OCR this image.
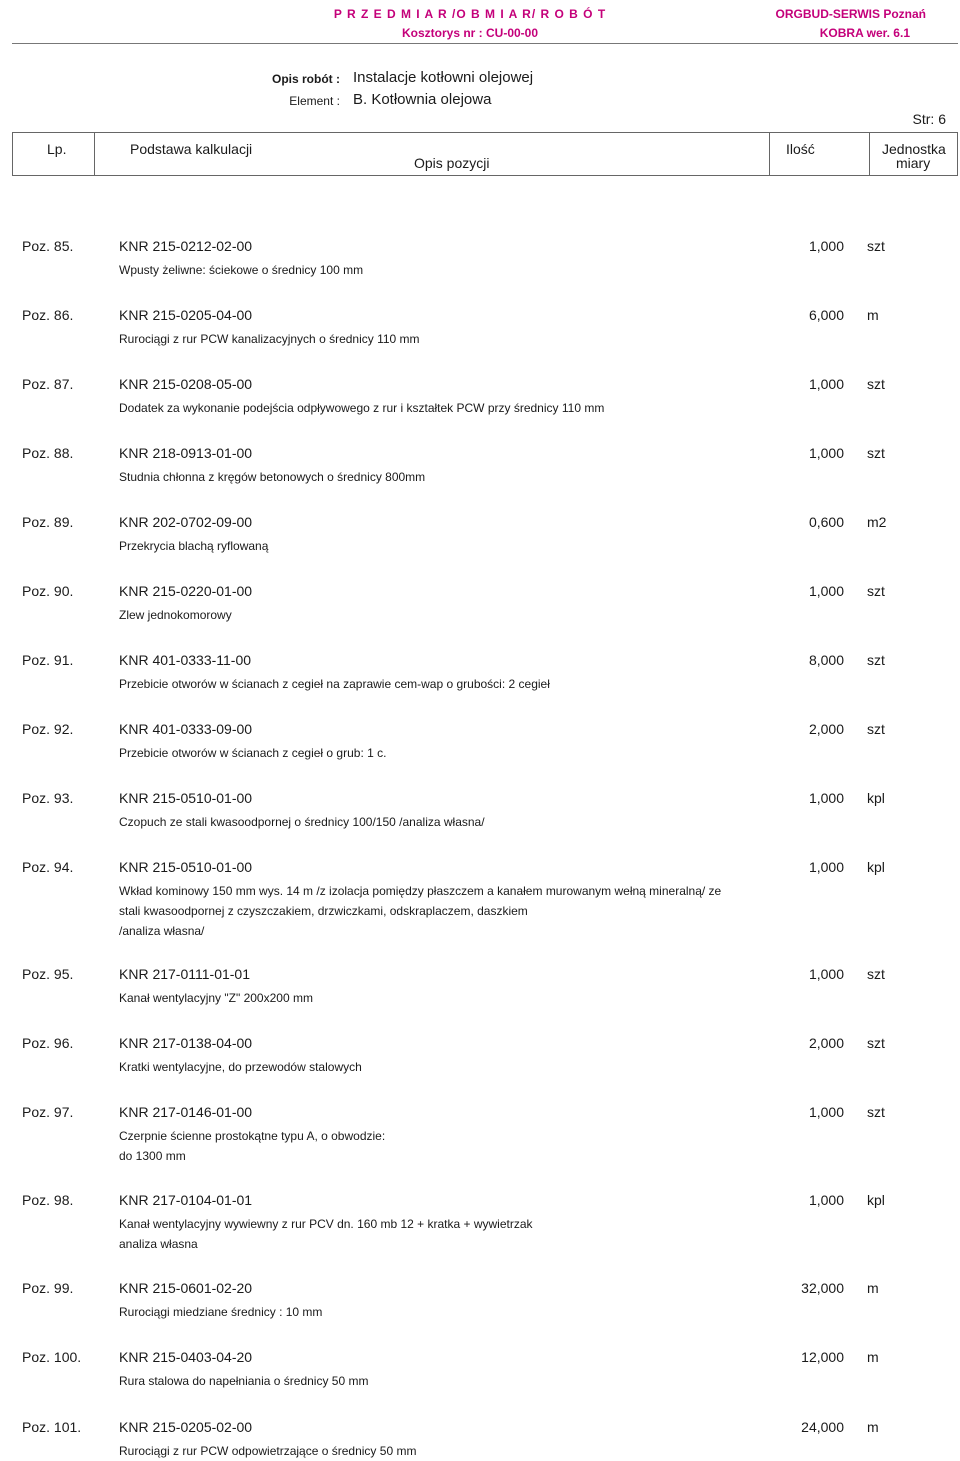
P R Z E D M I A R /O B M I A R/ R O B Ó T	ORGBUD-SERWIS Poznań
Kosztorys nr : CU-00-00	KOBRA wer. 6.1
Opis robót : Instalacje kotłowni olejowej
Element : B. Kotłownia olejowa
Str: 6
Lp.	Podstawa kalkulacji
Opis pozycji
Ilość	Jednostka
miary
Poz. 85.	KNR 215-0212-02-00	1,000 szt
Wpusty żeliwne: ściekowe o średnicy 100 mm
Poz. 86.	KNR 215-0205-04-00	6,000 m
Rurociągi z rur PCW kanalizacyjnych o średnicy 110 mm
Poz. 87.	KNR 215-0208-05-00	1,000 szt
Dodatek za wykonanie podejścia odpływowego z rur i kształtek PCW przy średnicy 110 mm
Poz. 88.	KNR 218-0913-01-00	1,000 szt
Studnia chłonna z kręgów betonowych o średnicy 800mm
Poz. 89.	KNR 202-0702-09-00	0,600 m2
Przekrycia blachą ryflowaną
Poz. 90.	KNR 215-0220-01-00	1,000 szt
Zlew jednokomorowy
Poz. 91.	KNR 401-0333-11-00	8,000 szt
Przebicie otworów w ścianach z cegieł na zaprawie cem-wap o grubości: 2 cegieł
Poz. 92.	KNR 401-0333-09-00	2,000 szt
Przebicie otworów w ścianach z cegieł o grub: 1 c.
Poz. 93.	KNR 215-0510-01-00	1,000 kpl
Czopuch ze stali kwasoodpornej o średnicy 100/150 /analiza własna/
Poz. 94.	KNR 215-0510-01-00	1,000 kpl
Wkład kominowy 150 mm wys. 14 m /z izolacja pomiędzy płaszczem a kanałem murowanym wełną mineralną/ ze
stali kwasoodpornej z czyszczakiem, drzwiczkami, odskraplaczem, daszkiem
/analiza własna/
Poz. 95.	KNR 217-0111-01-01	1,000 szt
Kanał wentylacyjny "Z" 200x200 mm
Poz. 96.	KNR 217-0138-04-00	2,000 szt
Kratki wentylacyjne, do przewodów stalowych
Poz. 97.	KNR 217-0146-01-00	1,000 szt
Czerpnie ścienne prostokątne typu A, o obwodzie:
do 1300 mm
Poz. 98.	KNR 217-0104-01-01	1,000 kpl
Kanał wentylacyjny wywiewny z rur PCV dn. 160 mb 12 + kratka + wywietrzak
analiza własna
Poz. 99.	KNR 215-0601-02-20	32,000 m
Rurociągi miedziane średnicy : 10 mm
Poz. 100.	KNR 215-0403-04-20	12,000 m
Rura stalowa do napełniania o średnicy 50 mm
Poz. 101.	KNR 215-0205-02-00	24,000 m
Rurociągi z rur PCW odpowietrzające o średnicy 50 mm
